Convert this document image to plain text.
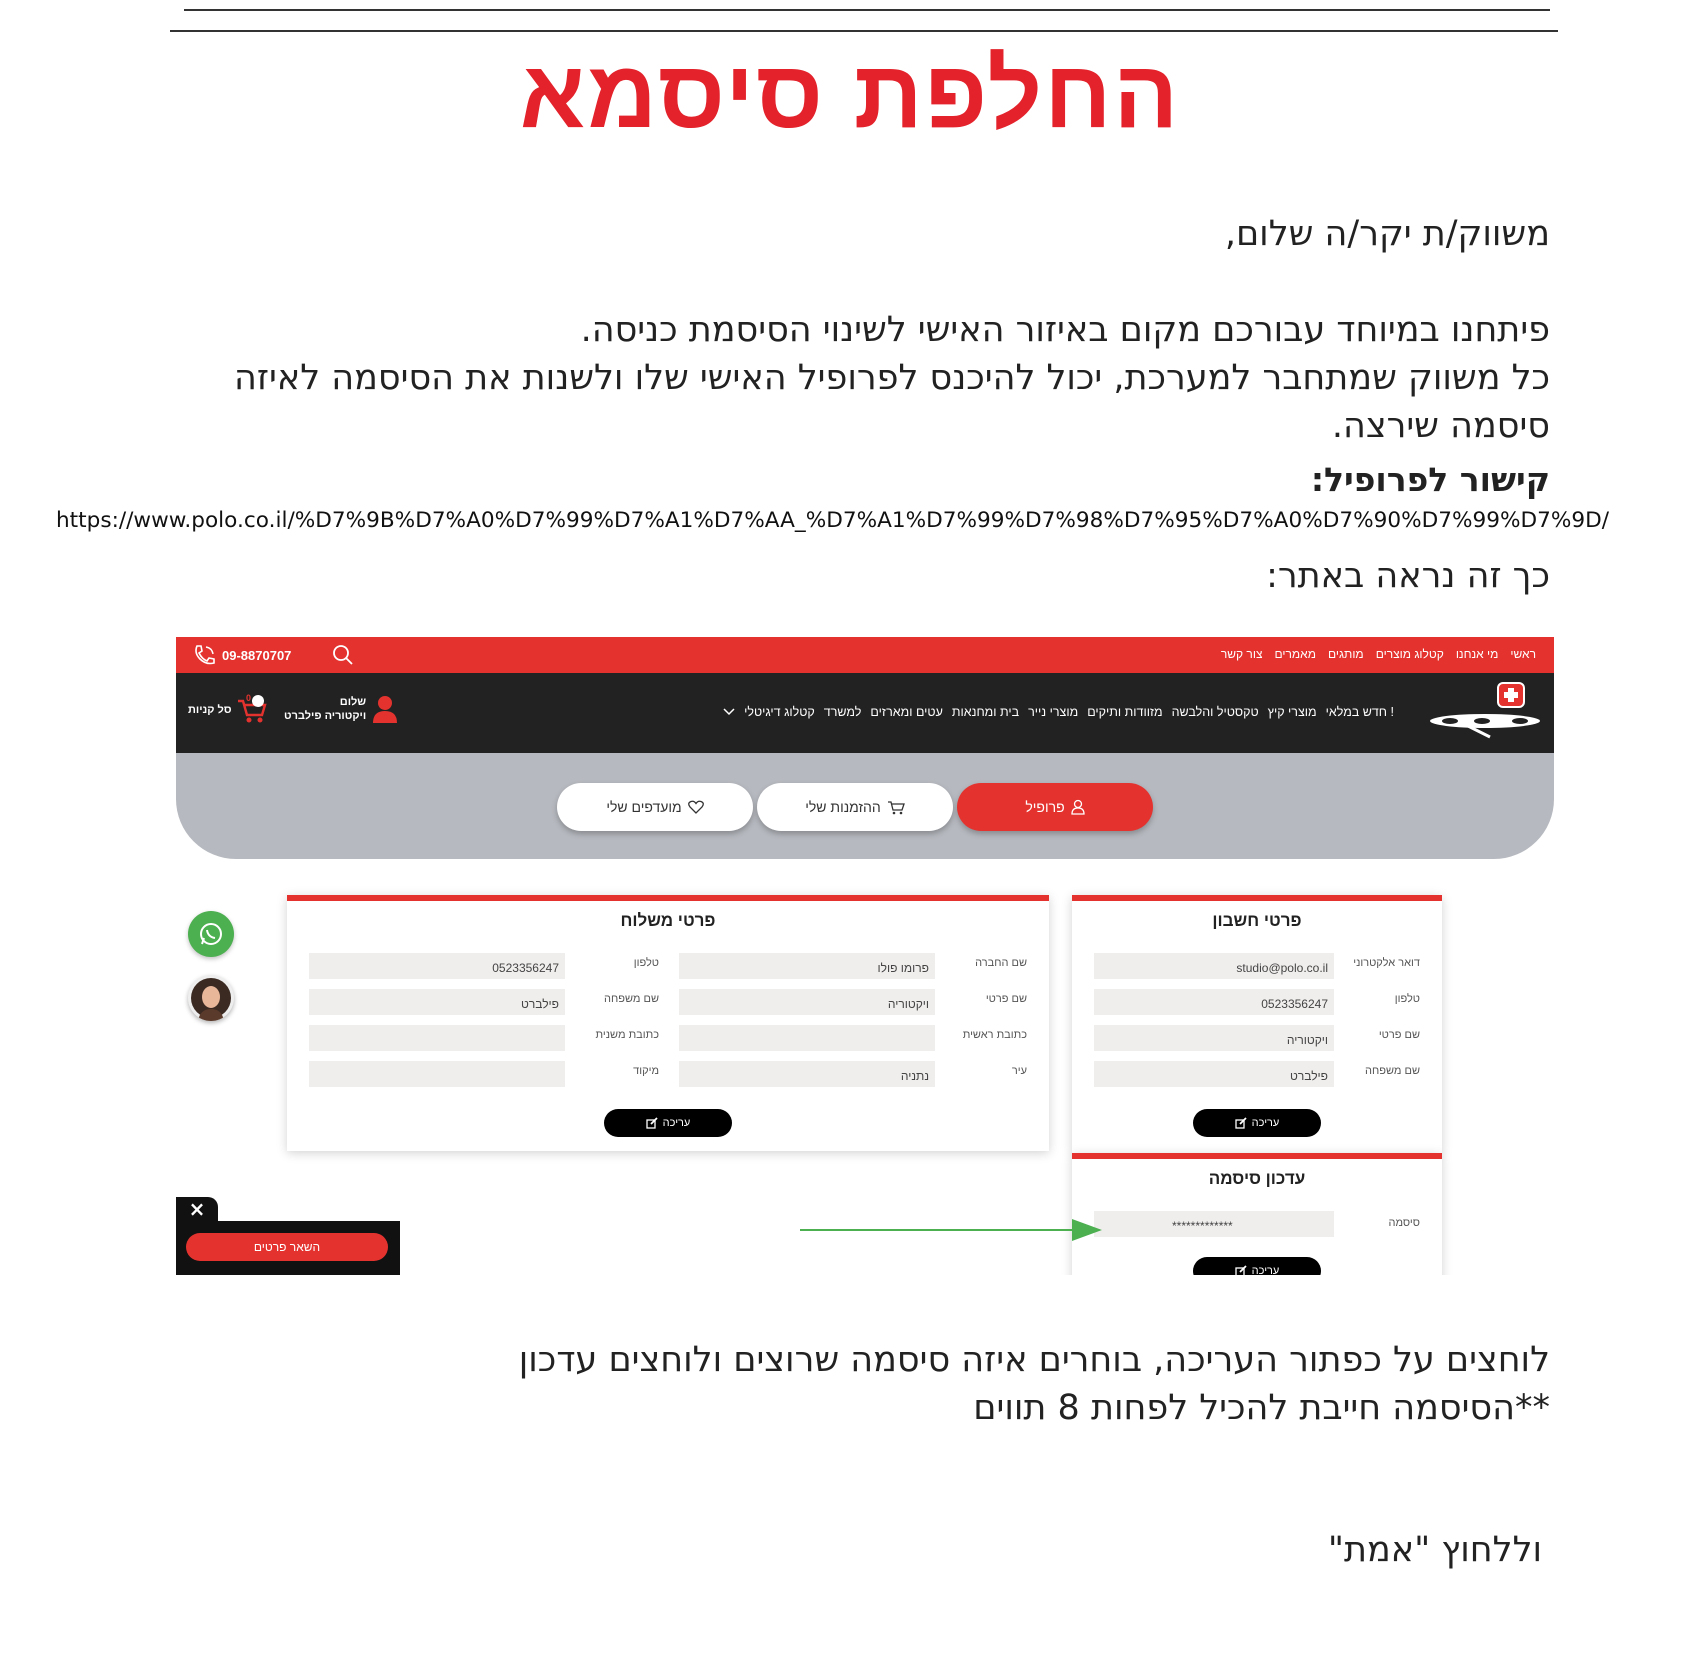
החלפת סיסמא
משווק/ת יקר/ה שלום,
פיתחנו במיוחד עבורכם מקום באיזור האישי לשינוי הסיסמת כניסה.
כל משווק שמתחבר למערכת, יכול להיכנס לפרופיל האישי שלו ולשנות את הסיסמה לאיזה
סיסמה שירצה.
קישור לפרופיל:
https://www.polo.co.il/%D7%9B%D7%A0%D7%99%D7%A1%D7%AA_%D7%A1%D7%99%D7%98%D7%95%D7%A0%D7%90%D7%99%D7%9D/
כך זה נראה באתר:
ראשי
מי אנחנו
קטלוג מוצרים
מותגים
מאמרים
צור קשר
09-8870707
חדש במלאי !
מוצרי קיץ
טקסטיל והלבשה
מזוודות ותיקים
מוצרי נייר
בית ומחנאות
עטים ומארזים
למשרד
קטלוג דיגיטלי
שלום
ויקטוריה פילברט
סל קניות
0
פרופיל
ההזמנות שלי
מועדפים שלי
פרטי חשבון
דואר אלקטרוני
studio@polo.co.il
טלפון
0523356247
שם פרטי
ויקטוריה
שם משפחה
פילברט
עריכה
פרטי משלוח
שם החברה
פרומו פולו
שם פרטי
ויקטוריה
כתובת ראשית
עיר
נתניה
טלפון
0523356247
שם משפחה
פילברט
כתובת משנית
מיקוד
עריכה
עדכון סיסמה
סיסמה
*************
עריכה
×
השאר פרטים
לוחצים על כפתור העריכה, בוחרים איזה סיסמה שרוצים ולוחצים עדכון
**הסיסמה חייבת להכיל לפחות 8 תווים
וללחוץ "אמת"
